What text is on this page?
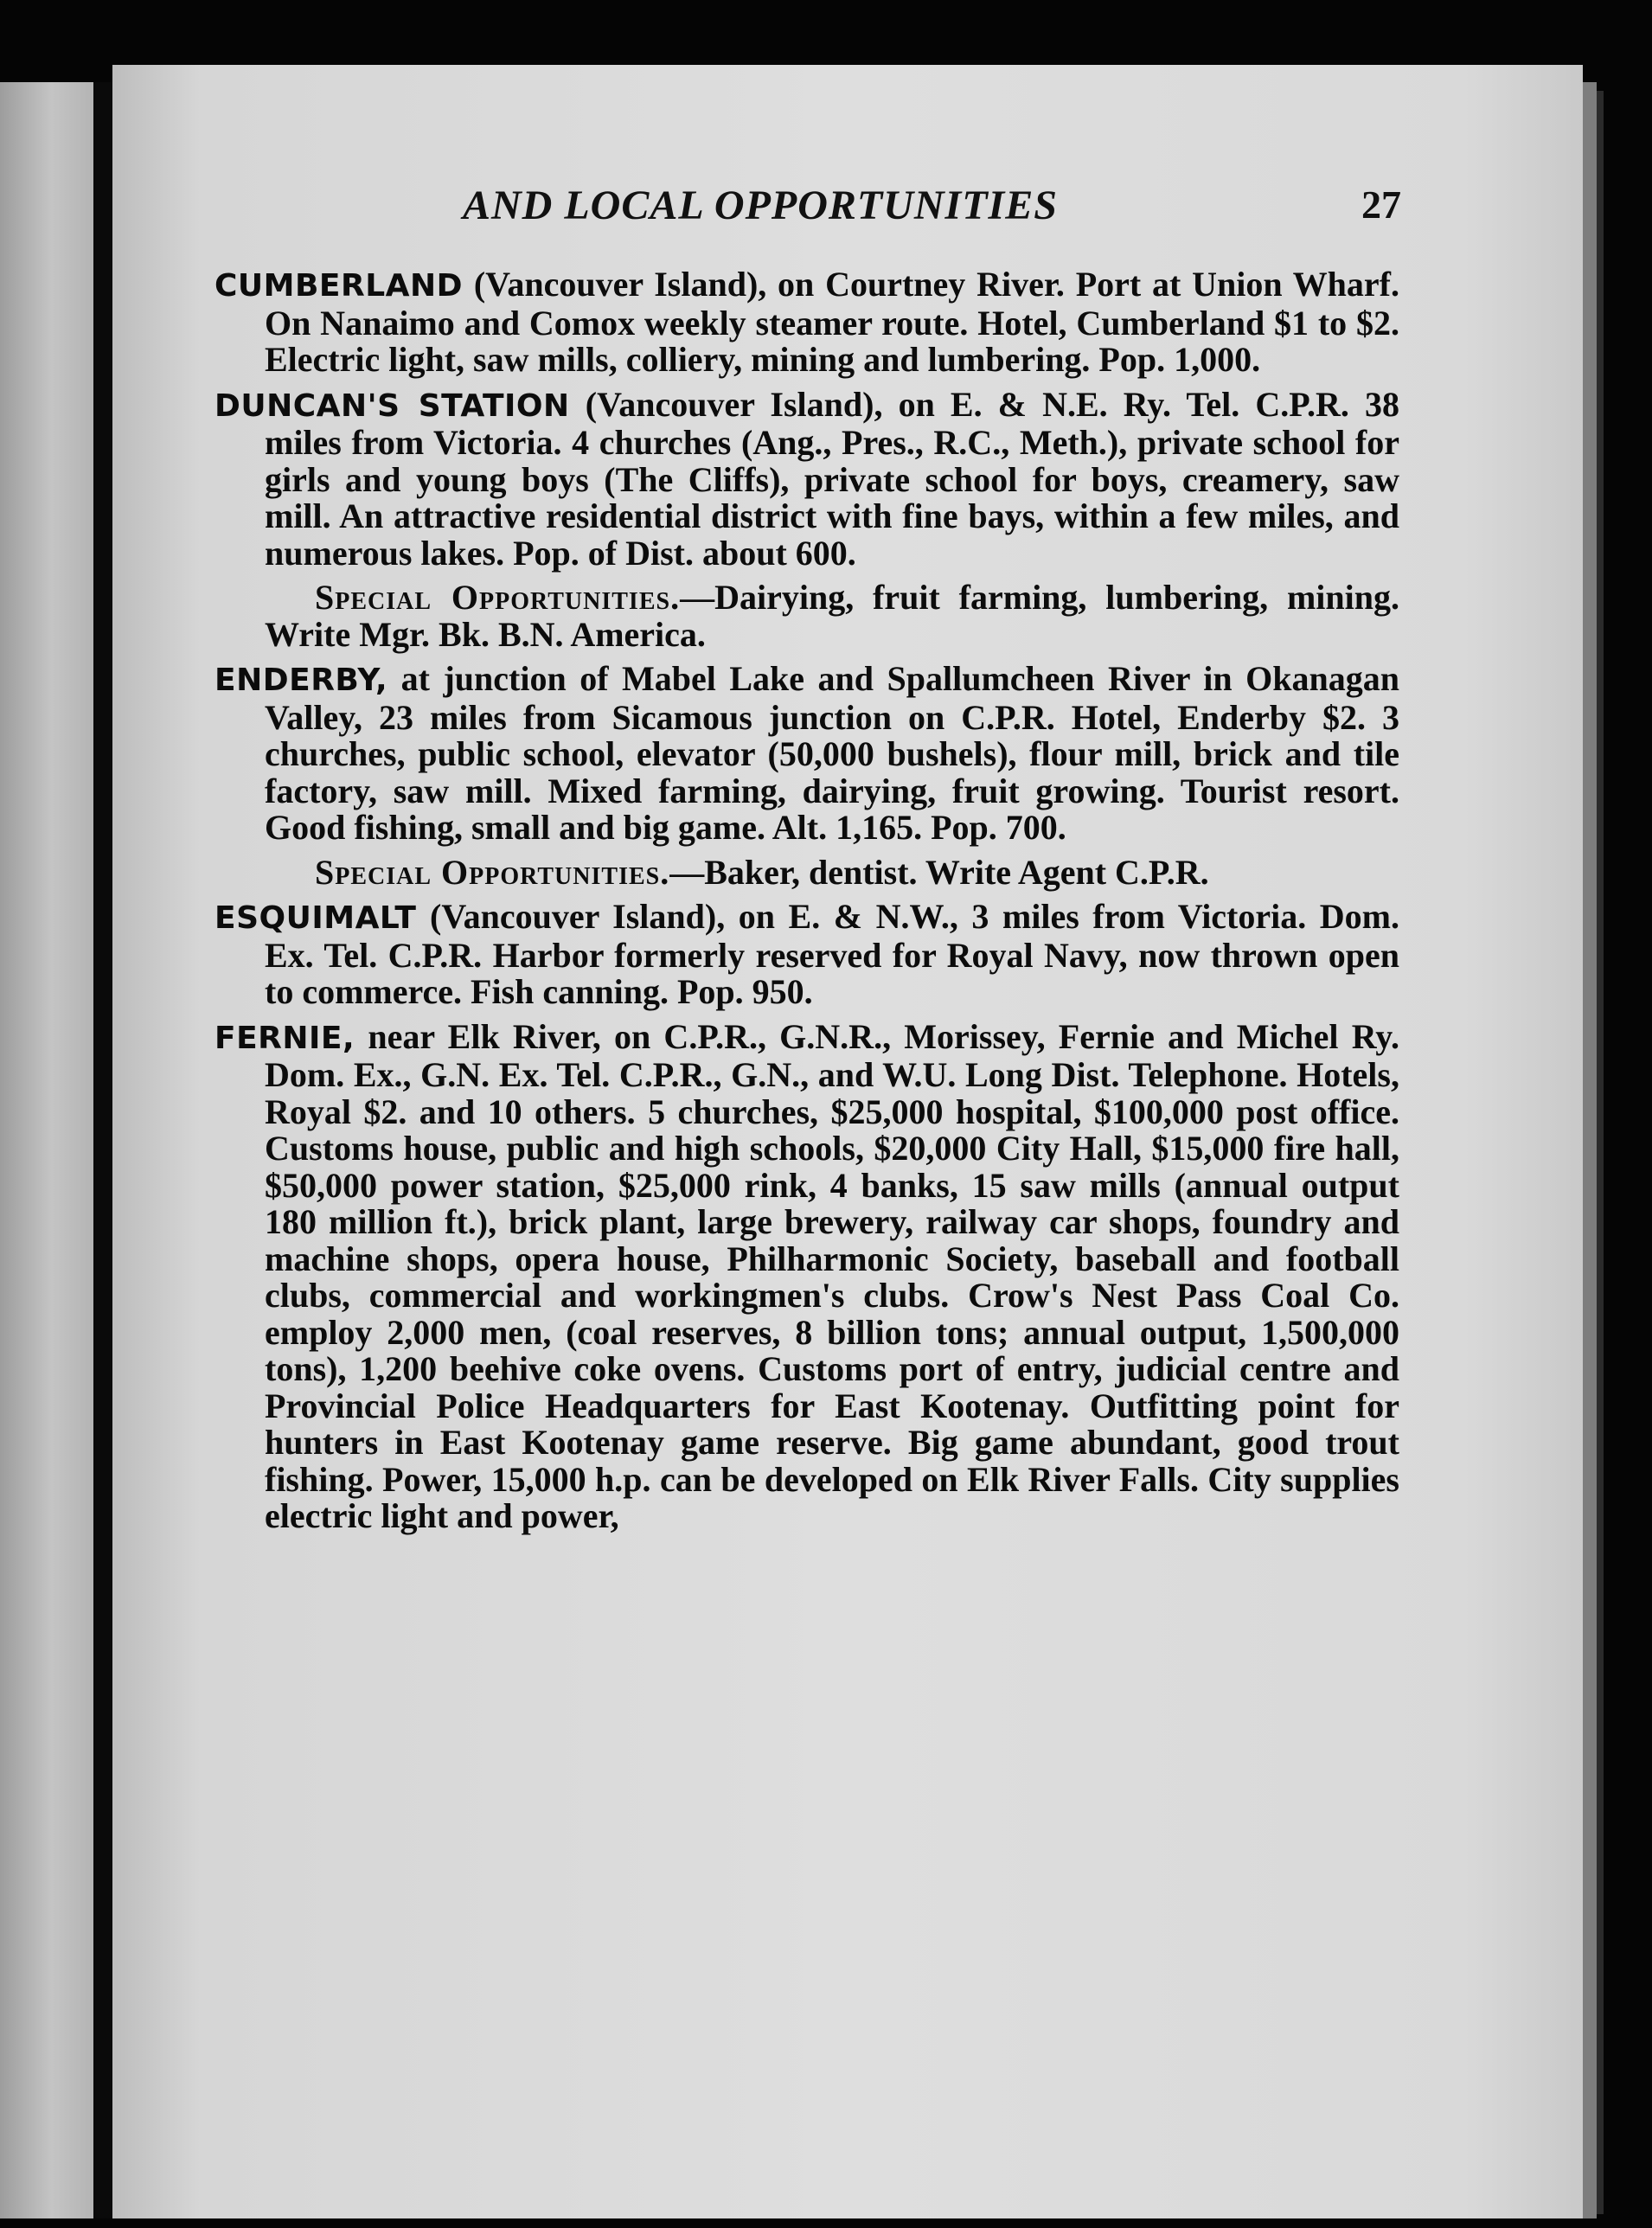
AND LOCAL OPPORTUNITIES	27

CUMBERLAND (Vancouver Island), on Courtney River. Port at Union Wharf. On Nanaimo and Comox weekly steamer route. Hotel, Cumberland $1 to $2. Electric light, saw mills, colliery, mining and lumbering. Pop. 1,000.

DUNCAN'S STATION (Vancouver Island), on E. & N.E. Ry. Tel. C.P.R. 38 miles from Victoria. 4 churches (Ang., Pres., R.C., Meth.), private school for girls and young boys (The Cliffs), private school for boys, creamery, saw mill. An attractive residential district with fine bays, within a few miles, and numerous lakes. Pop. of Dist. about 600.

Special Opportunities.—Dairying, fruit farming, lumbering, mining. Write Mgr. Bk. B.N. America.

ENDERBY, at junction of Mabel Lake and Spallumcheen River in Okanagan Valley, 23 miles from Sicamous junction on C.P.R. Hotel, Enderby $2. 3 churches, public school, elevator (50,000 bushels), flour mill, brick and tile factory, saw mill. Mixed farming, dairying, fruit growing. Tourist resort. Good fishing, small and big game. Alt. 1,165. Pop. 700.

Special Opportunities.—Baker, dentist. Write Agent C.P.R.

ESQUIMALT (Vancouver Island), on E. & N.W., 3 miles from Victoria. Dom. Ex. Tel. C.P.R. Harbor formerly reserved for Royal Navy, now thrown open to commerce. Fish canning. Pop. 950.

FERNIE, near Elk River, on C.P.R., G.N.R., Morissey, Fernie and Michel Ry. Dom. Ex., G.N. Ex. Tel. C.P.R., G.N., and W.U. Long Dist. Telephone. Hotels, Royal $2. and 10 others. 5 churches, $25,000 hospital, $100,000 post office. Customs house, public and high schools, $20,000 City Hall, $15,000 fire hall, $50,000 power station, $25,000 rink, 4 banks, 15 saw mills (annual output 180 million ft.), brick plant, large brewery, railway car shops, foundry and machine shops, opera house, Philharmonic Society, baseball and football clubs, commercial and workingmen's clubs. Crow's Nest Pass Coal Co. employ 2,000 men, (coal reserves, 8 billion tons; annual output, 1,500,000 tons), 1,200 beehive coke ovens. Customs port of entry, judicial centre and Provincial Police Headquarters for East Kootenay. Outfitting point for hunters in East Kootenay game reserve. Big game abundant, good trout fishing. Power, 15,000 h.p. can be developed on Elk River Falls. City supplies electric light and power,
